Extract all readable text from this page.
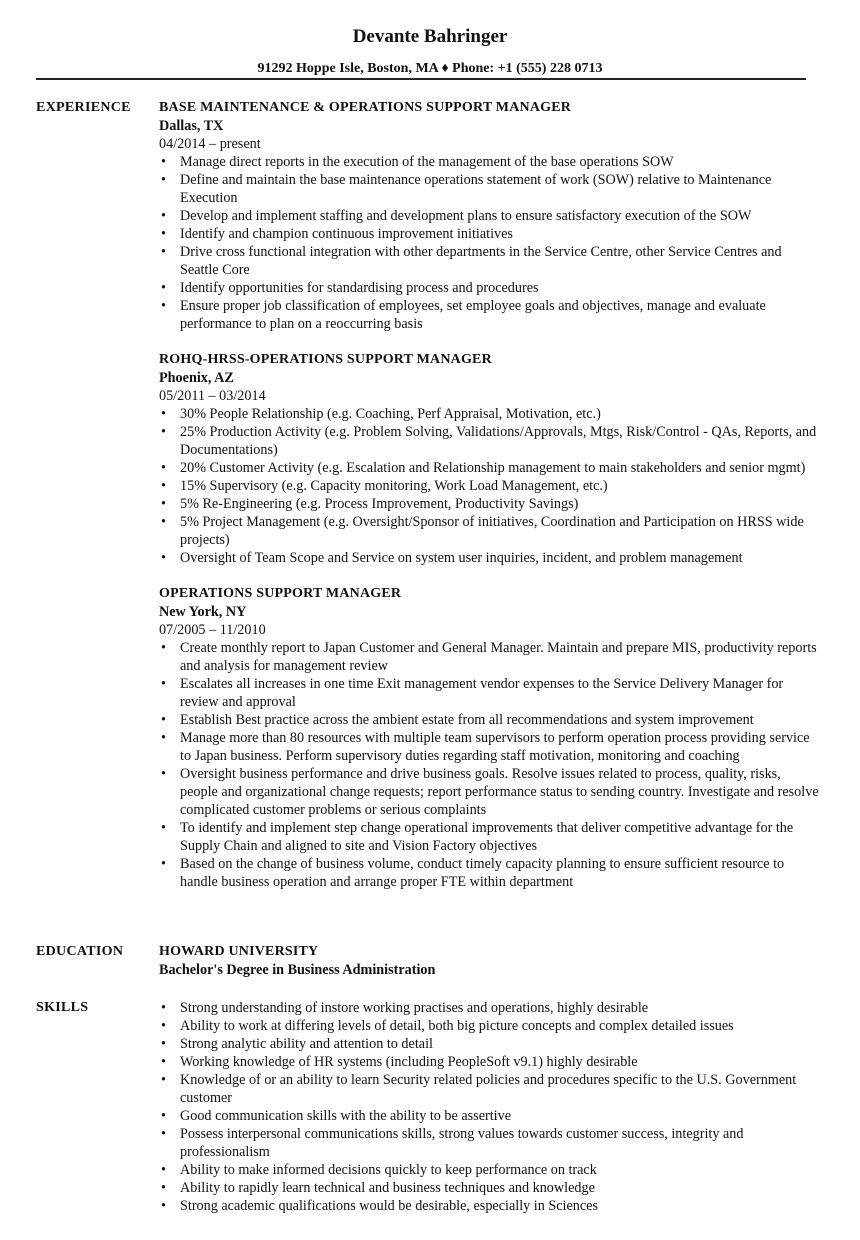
Devante Bahringer
91292 Hoppe Isle, Boston, MA ♦ Phone: +1 (555) 228 0713
EXPERIENCE BASE MAINTENANCE & OPERATIONS SUPPORT MANAGER
Dallas, TX
04/2014 – present
• Manage direct reports in the execution of the management of the base operations SOW
• Define and maintain the base maintenance operations statement of work (SOW) relative to Maintenance Execution
• Develop and implement staffing and development plans to ensure satisfactory execution of the SOW
• Identify and champion continuous improvement initiatives
• Drive cross functional integration with other departments in the Service Centre, other Service Centres and Seattle Core
• Identify opportunities for standardising process and procedures
• Ensure proper job classification of employees, set employee goals and objectives, manage and evaluate performance to plan on a reoccurring basis
ROHQ-HRSS-OPERATIONS SUPPORT MANAGER
Phoenix, AZ
05/2011 – 03/2014
• 30% People Relationship (e.g. Coaching, Perf Appraisal, Motivation, etc.)
• 25% Production Activity (e.g. Problem Solving, Validations/Approvals, Mtgs, Risk/Control - QAs, Reports, and Documentations)
• 20% Customer Activity (e.g. Escalation and Relationship management to main stakeholders and senior mgmt)
• 15% Supervisory (e.g. Capacity monitoring, Work Load Management, etc.)
• 5% Re-Engineering (e.g. Process Improvement, Productivity Savings)
• 5% Project Management (e.g. Oversight/Sponsor of initiatives, Coordination and Participation on HRSS wide projects)
• Oversight of Team Scope and Service on system user inquiries, incident, and problem management
OPERATIONS SUPPORT MANAGER
New York, NY
07/2005 – 11/2010
• Create monthly report to Japan Customer and General Manager. Maintain and prepare MIS, productivity reports and analysis for management review
• Escalates all increases in one time Exit management vendor expenses to the Service Delivery Manager for review and approval
• Establish Best practice across the ambient estate from all recommendations and system improvement
• Manage more than 80 resources with multiple team supervisors to perform operation process providing service to Japan business. Perform supervisory duties regarding staff motivation, monitoring and coaching
• Oversight business performance and drive business goals. Resolve issues related to process, quality, risks, people and organizational change requests; report performance status to sending country. Investigate and resolve complicated customer problems or serious complaints
• To identify and implement step change operational improvements that deliver competitive advantage for the Supply Chain and aligned to site and Vision Factory objectives
• Based on the change of business volume, conduct timely capacity planning to ensure sufficient resource to handle business operation and arrange proper FTE within department
EDUCATION	HOWARD UNIVERSITY
Bachelor's Degree in Business Administration
SKILLS	• Strong understanding of instore working practises and operations, highly desirable
• Ability to work at differing levels of detail, both big picture concepts and complex detailed issues
• Strong analytic ability and attention to detail
• Working knowledge of HR systems (including PeopleSoft v9.1) highly desirable
• Knowledge of or an ability to learn Security related policies and procedures specific to the U.S. Government customer
• Good communication skills with the ability to be assertive
• Possess interpersonal communications skills, strong values towards customer success, integrity and professionalism
• Ability to make informed decisions quickly to keep performance on track
• Ability to rapidly learn technical and business techniques and knowledge
• Strong academic qualifications would be desirable, especially in Sciences
